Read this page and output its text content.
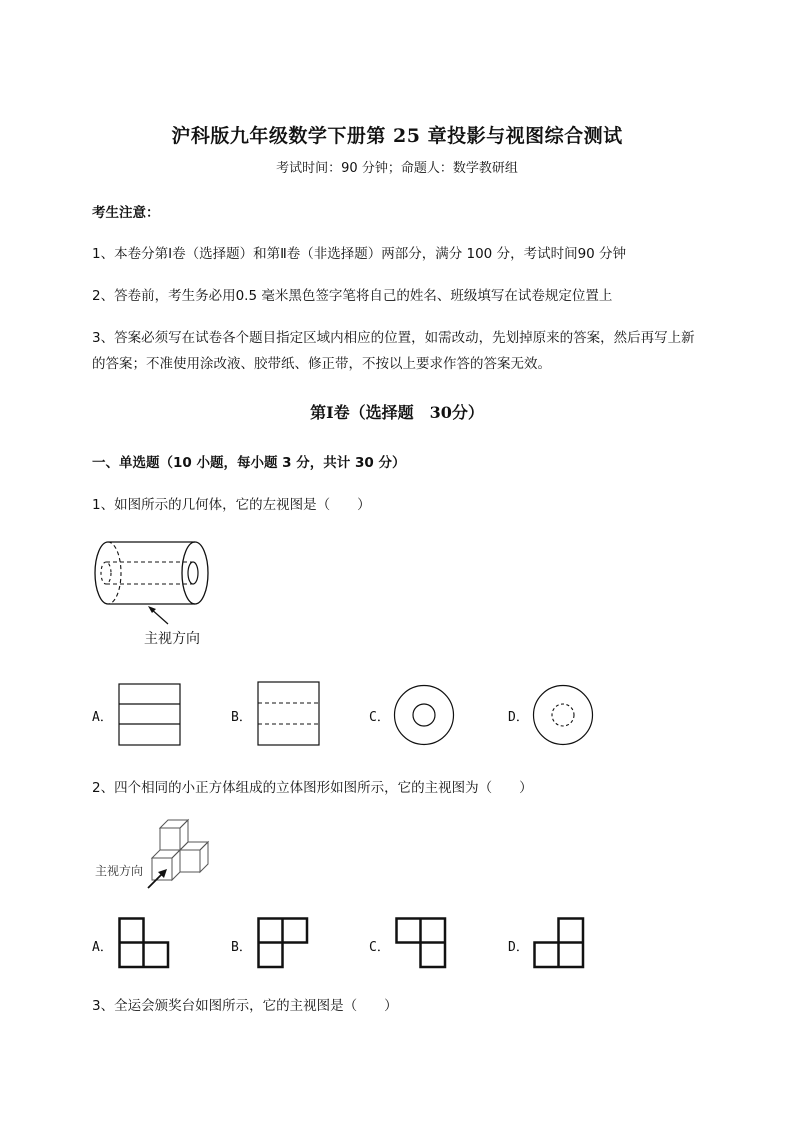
沪科版九年级数学下册第 25 章投影与视图综合测试
考试时间：90 分钟；命题人：数学教研组
考生注意：
1、本卷分第Ⅰ卷（选择题）和第Ⅱ卷（非选择题）两部分，满分 100 分，考试时间90 分钟
2、答卷前，考生务必用0.5 毫米黑色签字笔将自己的姓名、班级填写在试卷规定位置上
3、答案必须写在试卷各个题目指定区域内相应的位置，如需改动，先划掉原来的答案，然后再写上新
的答案；不准使用涂改液、胶带纸、修正带，不按以上要求作答的答案无效。
第Ⅰ卷（选择题　30分）
一、单选题（10 小题，每小题 3 分，共计 30 分）
1、如图所示的几何体，它的左视图是（　　）
主视方向
A．	B．	C．	D．
2、四个相同的小正方体组成的立体图形如图所示，它的主视图为（　　）
主视方向
A．	B．	C．	D．
3、全运会颁奖台如图所示，它的主视图是（　　）
